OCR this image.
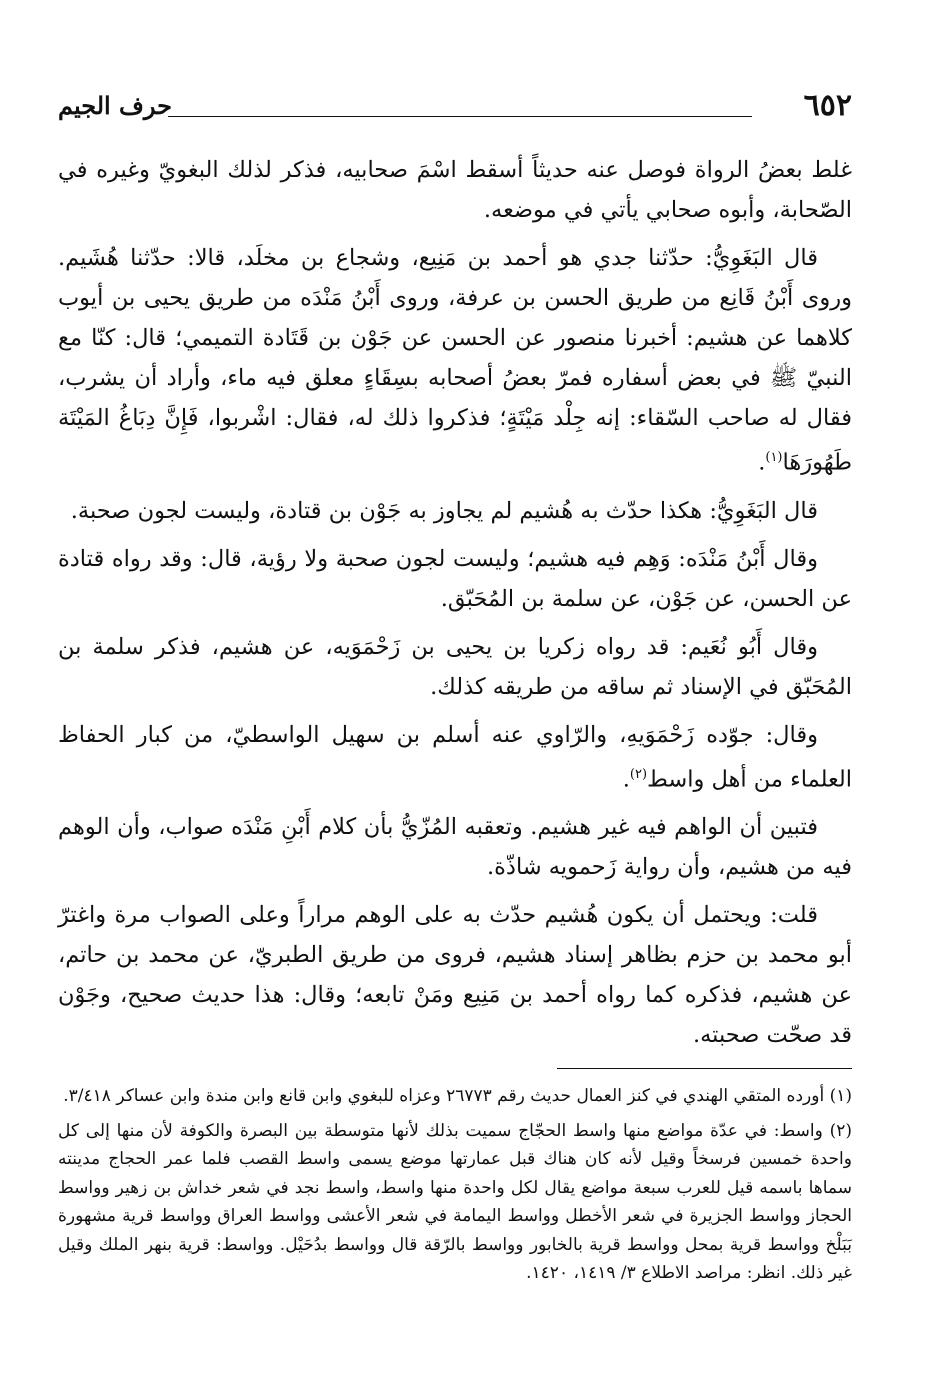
٦٥٢
حرف الجيم

غلط بعضُ الرواة فوصل عنه حديثاً أسقط اسْمَ صحابيه، فذكر لذلك البغويّ وغيره في الصّحابة، وأبوه صحابي يأتي في موضعه.

قال البَغَوِيُّ: حدّثنا جدي هو أحمد بن مَنِيع، وشجاع بن مخلَد، قالا: حدّثنا هُشَيم. وروى أَبْنُ قَانِع من طريق الحسن بن عرفة، وروى أَبْنُ مَنْدَه من طريق يحيى بن أيوب كلاهما عن هشيم: أخبرنا منصور عن الحسن عن جَوْن بن قَتَادة التميمي؛ قال: كنّا مع النبيّ ﷺ في بعض أسفاره فمرّ بعضُ أصحابه بسِقَاءٍ معلق فيه ماء، وأراد أن يشرب، فقال له صاحب السّقاء: إنه جِلْد مَيْتَةٍ؛ فذكروا ذلك له، فقال: اشْربوا، فَإِنَّ دِبَاغُ المَيْتَة طَهُورَهَا$^{(١)}$.

قال البَغَوِيُّ: هكذا حدّث به هُشيم لم يجاوز به جَوْن بن قتادة، وليست لجون صحبة.

وقال أَبْنُ مَنْدَه: وَهِم فيه هشيم؛ وليست لجون صحبة ولا رؤية، قال: وقد رواه قتادة عن الحسن، عن جَوْن، عن سلمة بن المُحَبّق.

وقال أَبُو نُعَيم: قد رواه زكريا بن يحيى بن زَحْمَوَيه، عن هشيم، فذكر سلمة بن المُحَبّق في الإسناد ثم ساقه من طريقه كذلك.

وقال: جوّده زَحْمَوَيهِ، والرّاوي عنه أسلم بن سهيل الواسطيّ، من كبار الحفاظ العلماء من أهل واسط$^{(٢)}$.

فتبين أن الواهم فيه غير هشيم. وتعقبه المُزّيُّ بأن كلام أَبْنِ مَنْدَه صواب، وأن الوهم فيه من هشيم، وأن رواية زَحمويه شاذّة.

قلت: ويحتمل أن يكون هُشيم حدّث به على الوهم مراراً وعلى الصواب مرة واغترّ أبو محمد بن حزم بظاهر إسناد هشيم، فروى من طريق الطبريّ، عن محمد بن حاتم، عن هشيم، فذكره كما رواه أحمد بن مَنِيع ومَنْ تابعه؛ وقال: هذا حديث صحيح، وجَوْن قد صحّت صحبته.

(١) أورده المتقي الهندي في كنز العمال حديث رقم ٢٦٧٧٣ وعزاه للبغوي وابن قانع وابن مندة وابن عساكر ٣/٤١٨.

(٢) واسط: في عدّة مواضع منها واسط الحجّاج سميت بذلك لأنها متوسطة بين البصرة والكوفة لأن منها إلى كل واحدة خمسين فرسخاً وقيل لأنه كان هناك قبل عمارتها موضع يسمى واسط القصب فلما عمر الحجاج مدينته سماها باسمه قيل للعرب سبعة مواضع يقال لكل واحدة منها واسط، واسط نجد في شعر خداش بن زهير وواسط الحجاز وواسط الجزيرة في شعر الأخطل وواسط اليمامة في شعر الأعشى وواسط العراق وواسط قرية مشهورة بَبَلْخ وواسط قرية بمحل وواسط قرية بالخابور وواسط بالرّقة قال وواسط بدُحَيْل. وواسط: قرية بنهر الملك وقيل غير ذلك. انظر: مراصد الاطلاع ٣/ ١٤١٩، ١٤٢٠.
